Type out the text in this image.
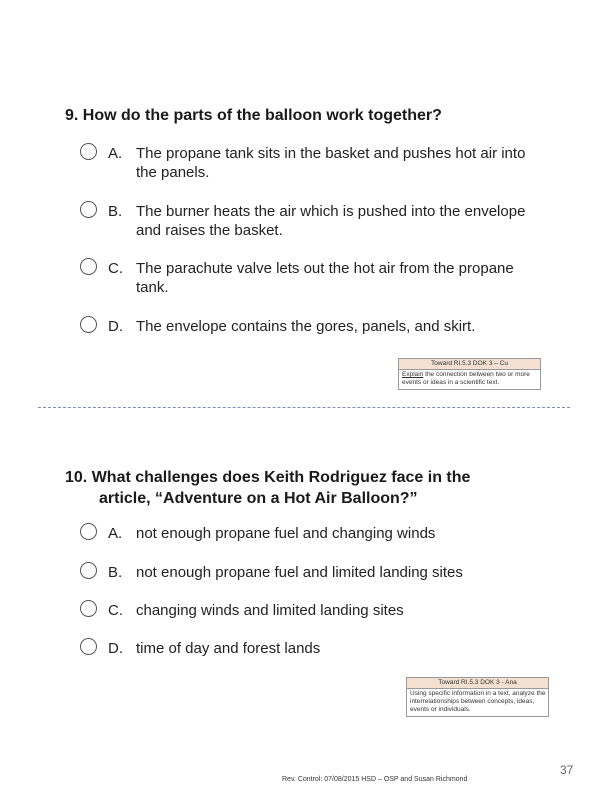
9. How do the parts of the balloon work together?
A. The propane tank sits in the basket and pushes hot air into the panels.
B. The burner heats the air which is pushed into the envelope and raises the basket.
C. The parachute valve lets out the hot air from the propane tank.
D. The envelope contains the gores, panels, and skirt.
Toward RI.5.3 DOK 3 – Cu
Explain the connection between two or more events or ideas in a scientific text.
10. What challenges does Keith Rodriguez face in the
article, “Adventure on a Hot Air Balloon?”
A. not enough propane fuel and changing winds
B. not enough propane fuel and limited landing sites
C. changing winds and limited landing sites
D. time of day and forest lands
Toward RI.5.3 DOK 3 - Ana
Using specific information in a text, analyze the interrelationships between concepts, ideas, events or individuals.
Rev. Control: 07/08/2015 HSD – OSP and Susan Richmond
37
